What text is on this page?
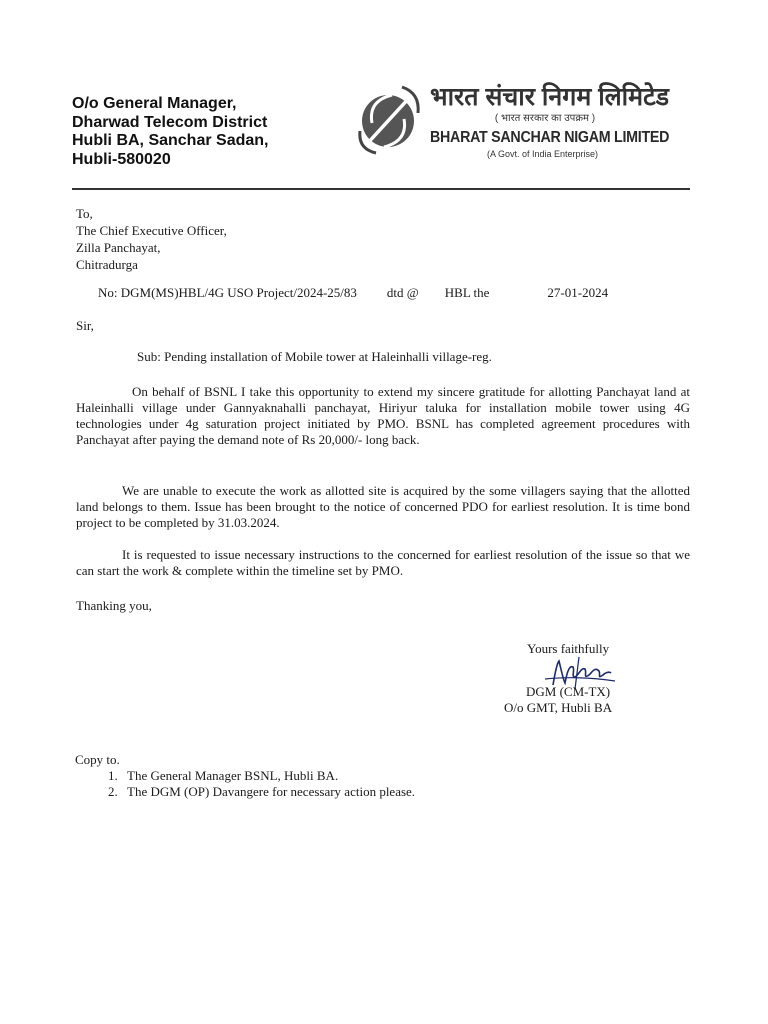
O/o General Manager,
Dharwad Telecom District
Hubli BA, Sanchar Sadan,
Hubli-580020
भारत संचार निगम लिमिटेड
( भारत सरकार का उपक्रम )
BHARAT SANCHAR NIGAM LIMITED
(A Govt. of India Enterprise)
To,
The Chief Executive Officer,
Zilla Panchayat,
Chitradurga
No: DGM(MS)HBL/4G USO Project/2024-25/83 dtd @ HBL the	27-01-2024
Sir,
Sub: Pending installation of Mobile tower at Haleinhalli village-reg.
On behalf of BSNL I take this opportunity to extend my sincere gratitude for allotting Panchayat land at Haleinhalli village under Gannyaknahalli panchayat, Hiriyur taluka for installation mobile tower using 4G technologies under 4g saturation project initiated by PMO. BSNL has completed agreement procedures with Panchayat after paying the demand note of Rs 20,000/- long back.
We are unable to execute the work as allotted site is acquired by the some villagers saying that the allotted land belongs to them. Issue has been brought to the notice of concerned PDO for earliest resolution. It is time bond project to be completed by 31.03.2024.
It is requested to issue necessary instructions to the concerned for earliest resolution of the issue so that we can start the work & complete within the timeline set by PMO.
Thanking you,
Yours faithfully
DGM (CM-TX)
O/o GMT, Hubli BA
Copy to.
1. The General Manager BSNL, Hubli BA.
2. The DGM (OP) Davangere for necessary action please.
